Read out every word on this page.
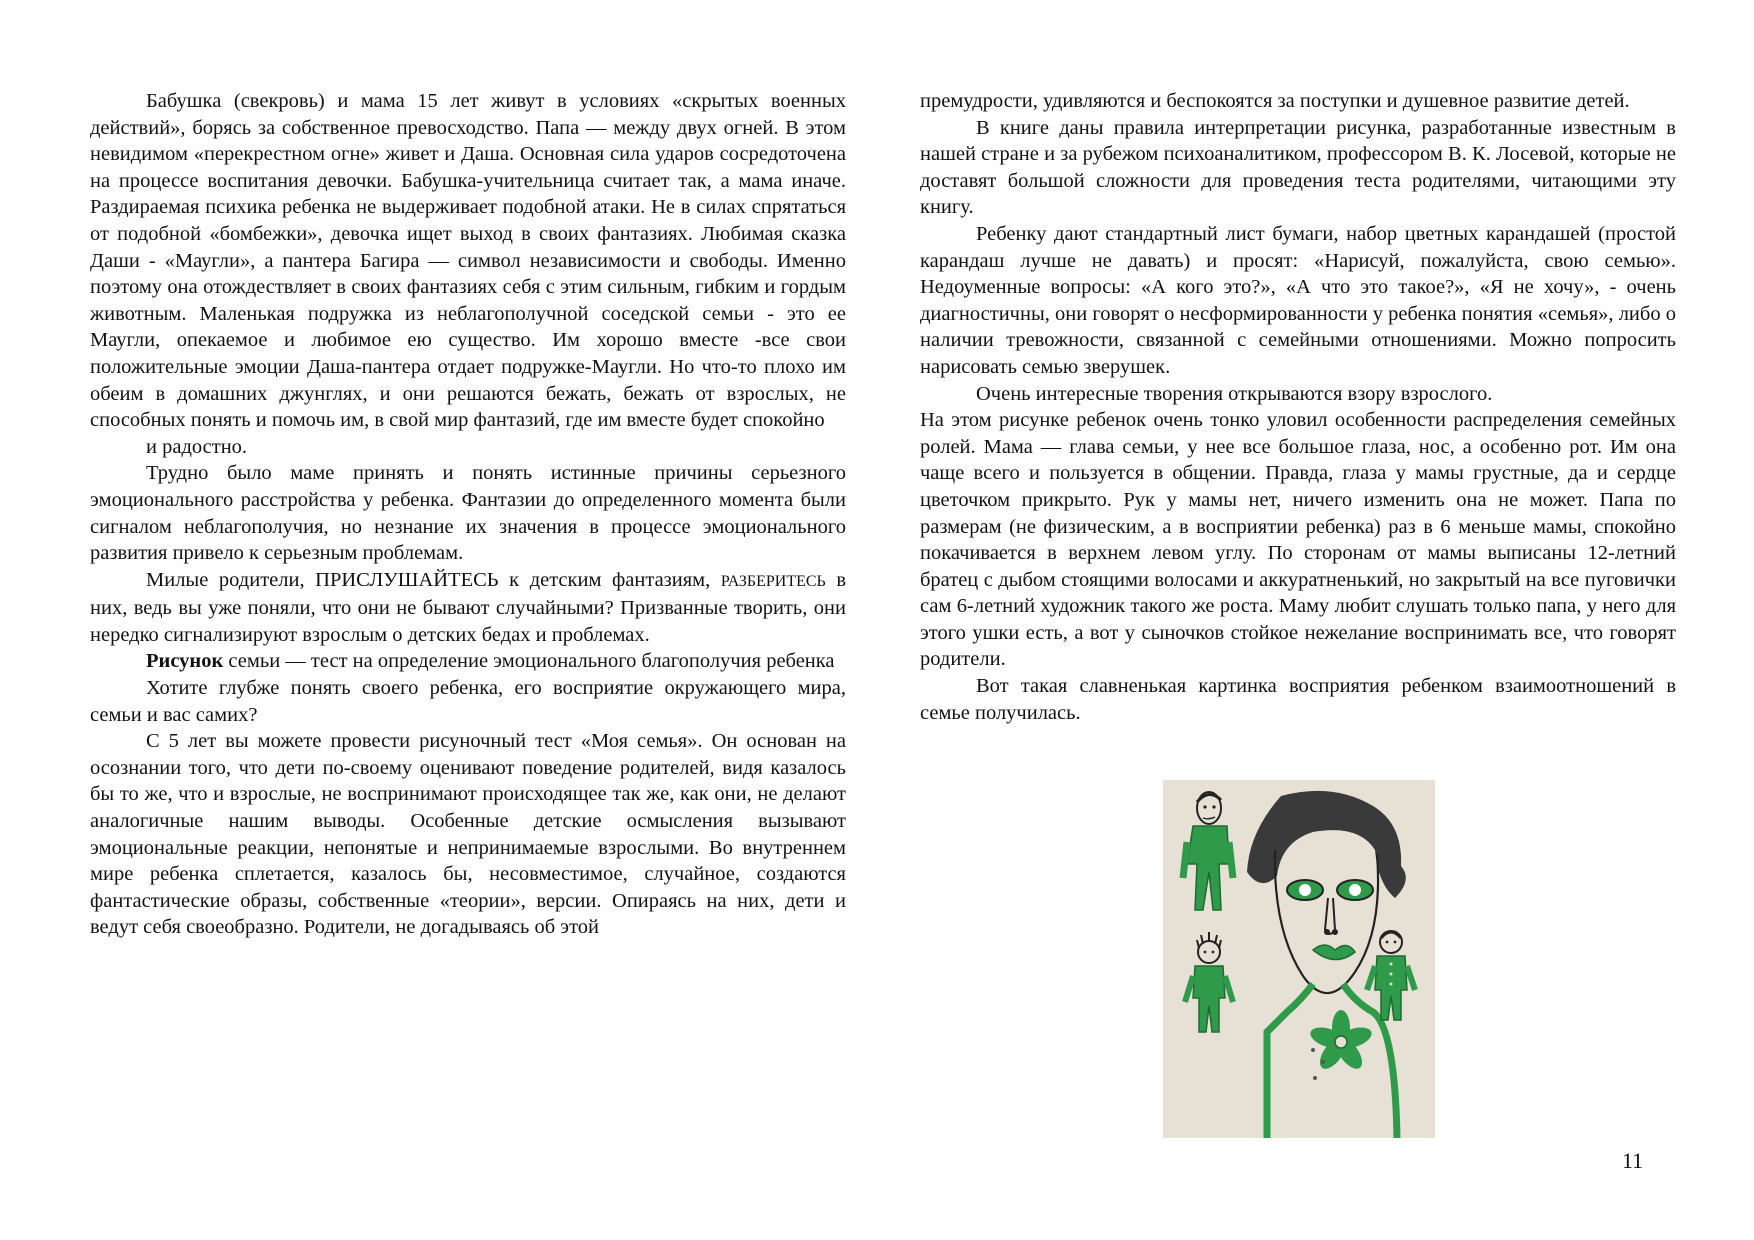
Бабушка (свекровь) и мама 15 лет живут в условиях «скрытых военных действий», борясь за собственное превосходство. Папа — между двух огней. В этом невидимом «перекрестном огне» живет и Даша. Основная сила ударов сосредоточена на процессе воспитания девочки. Бабушка-учительница считает так, а мама иначе. Раздираемая психика ребенка не выдерживает подобной атаки. Не в силах спрятаться от подобной «бомбежки», девочка ищет выход в своих фантазиях. Любимая сказка Даши - «Маугли», а пантера Багира — символ независимости и свободы. Именно поэтому она отождествляет в своих фантазиях себя с этим сильным, гибким и гордым животным. Маленькая подружка из неблагополучной соседской семьи - это ее Маугли, опекаемое и любимое ею существо. Им хорошо вместе -все свои положительные эмоции Даша-пантера отдает подружке-Маугли. Но что-то плохо им обеим в домашних джунглях, и они решаются бежать, бежать от взрослых, не способных понять и помочь им, в свой мир фантазий, где им вместе будет спокойно

и радостно.

Трудно было маме принять и понять истинные причины серьезного эмоционального расстройства у ребенка. Фантазии до определенного момента были сигналом неблагополучия, но незнание их значения в процессе эмоционального развития привело к серьезным проблемам.

Милые родители, ПРИСЛУШАЙТЕСЬ к детским фантазиям, РАЗБЕРИТЕСЬ в них, ведь вы уже поняли, что они не бывают случайными? Призванные творить, они нередко сигнализируют взрослым о детских бедах и проблемах.

Рисунок семьи — тест на определение эмоционального благополучия ребенка

Хотите глубже понять своего ребенка, его восприятие окружающего мира, семьи и вас самих?

С 5 лет вы можете провести рисуночный тест «Моя семья». Он основан на осознании того, что дети по-своему оценивают поведение родителей, видя казалось бы то же, что и взрослые, не воспринимают происходящее так же, как они, не делают аналогичные нашим выводы. Особенные детские осмысления вызывают эмоциональные реакции, непонятые и непринимаемые взрослыми. Во внутреннем мире ребенка сплетается, казалось бы, несовместимое, случайное, создаются фантастические образы, собственные «теории», версии. Опираясь на них, дети и ведут себя своеобразно. Родители, не догадываясь об этой

премудрости, удивляются и беспокоятся за поступки и душевное развитие детей.

В книге даны правила интерпретации рисунка, разработанные известным в нашей стране и за рубежом психоаналитиком, профессором В. К. Лосевой, которые не доставят большой сложности для проведения теста родителями, читающими эту книгу.

Ребенку дают стандартный лист бумаги, набор цветных карандашей (простой карандаш лучше не давать) и просят: «Нарисуй, пожалуйста, свою семью». Недоуменные вопросы: «А кого это?», «А что это такое?», «Я не хочу», - очень диагностичны, они говорят о несформированности у ребенка понятия «семья», либо о наличии тревожности, связанной с семейными отношениями. Можно попросить нарисовать семью зверушек.

Очень интересные творения открываются взору взрослого.

На этом рисунке ребенок очень тонко уловил особенности распределения семейных ролей. Мама — глава семьи, у нее все большое глаза, нос, а особенно рот. Им она чаще всего и пользуется в общении. Правда, глаза у мамы грустные, да и сердце цветочком прикрыто. Рук у мамы нет, ничего изменить она не может. Папа по размерам (не физическим, а в восприятии ребенка) раз в 6 меньше мамы, спокойно покачивается в верхнем левом углу. По сторонам от мамы выписаны 12-летний братец с дыбом стоящими волосами и аккуратненький, но закрытый на все пуговички сам 6-летний художник такого же роста. Маму любит слушать только папа, у него для этого ушки есть, а вот у сыночков стойкое нежелание воспринимать все, что говорят родители.

Вот такая славненькая картинка восприятия ребенком взаимоотношений в семье получилась.

11
